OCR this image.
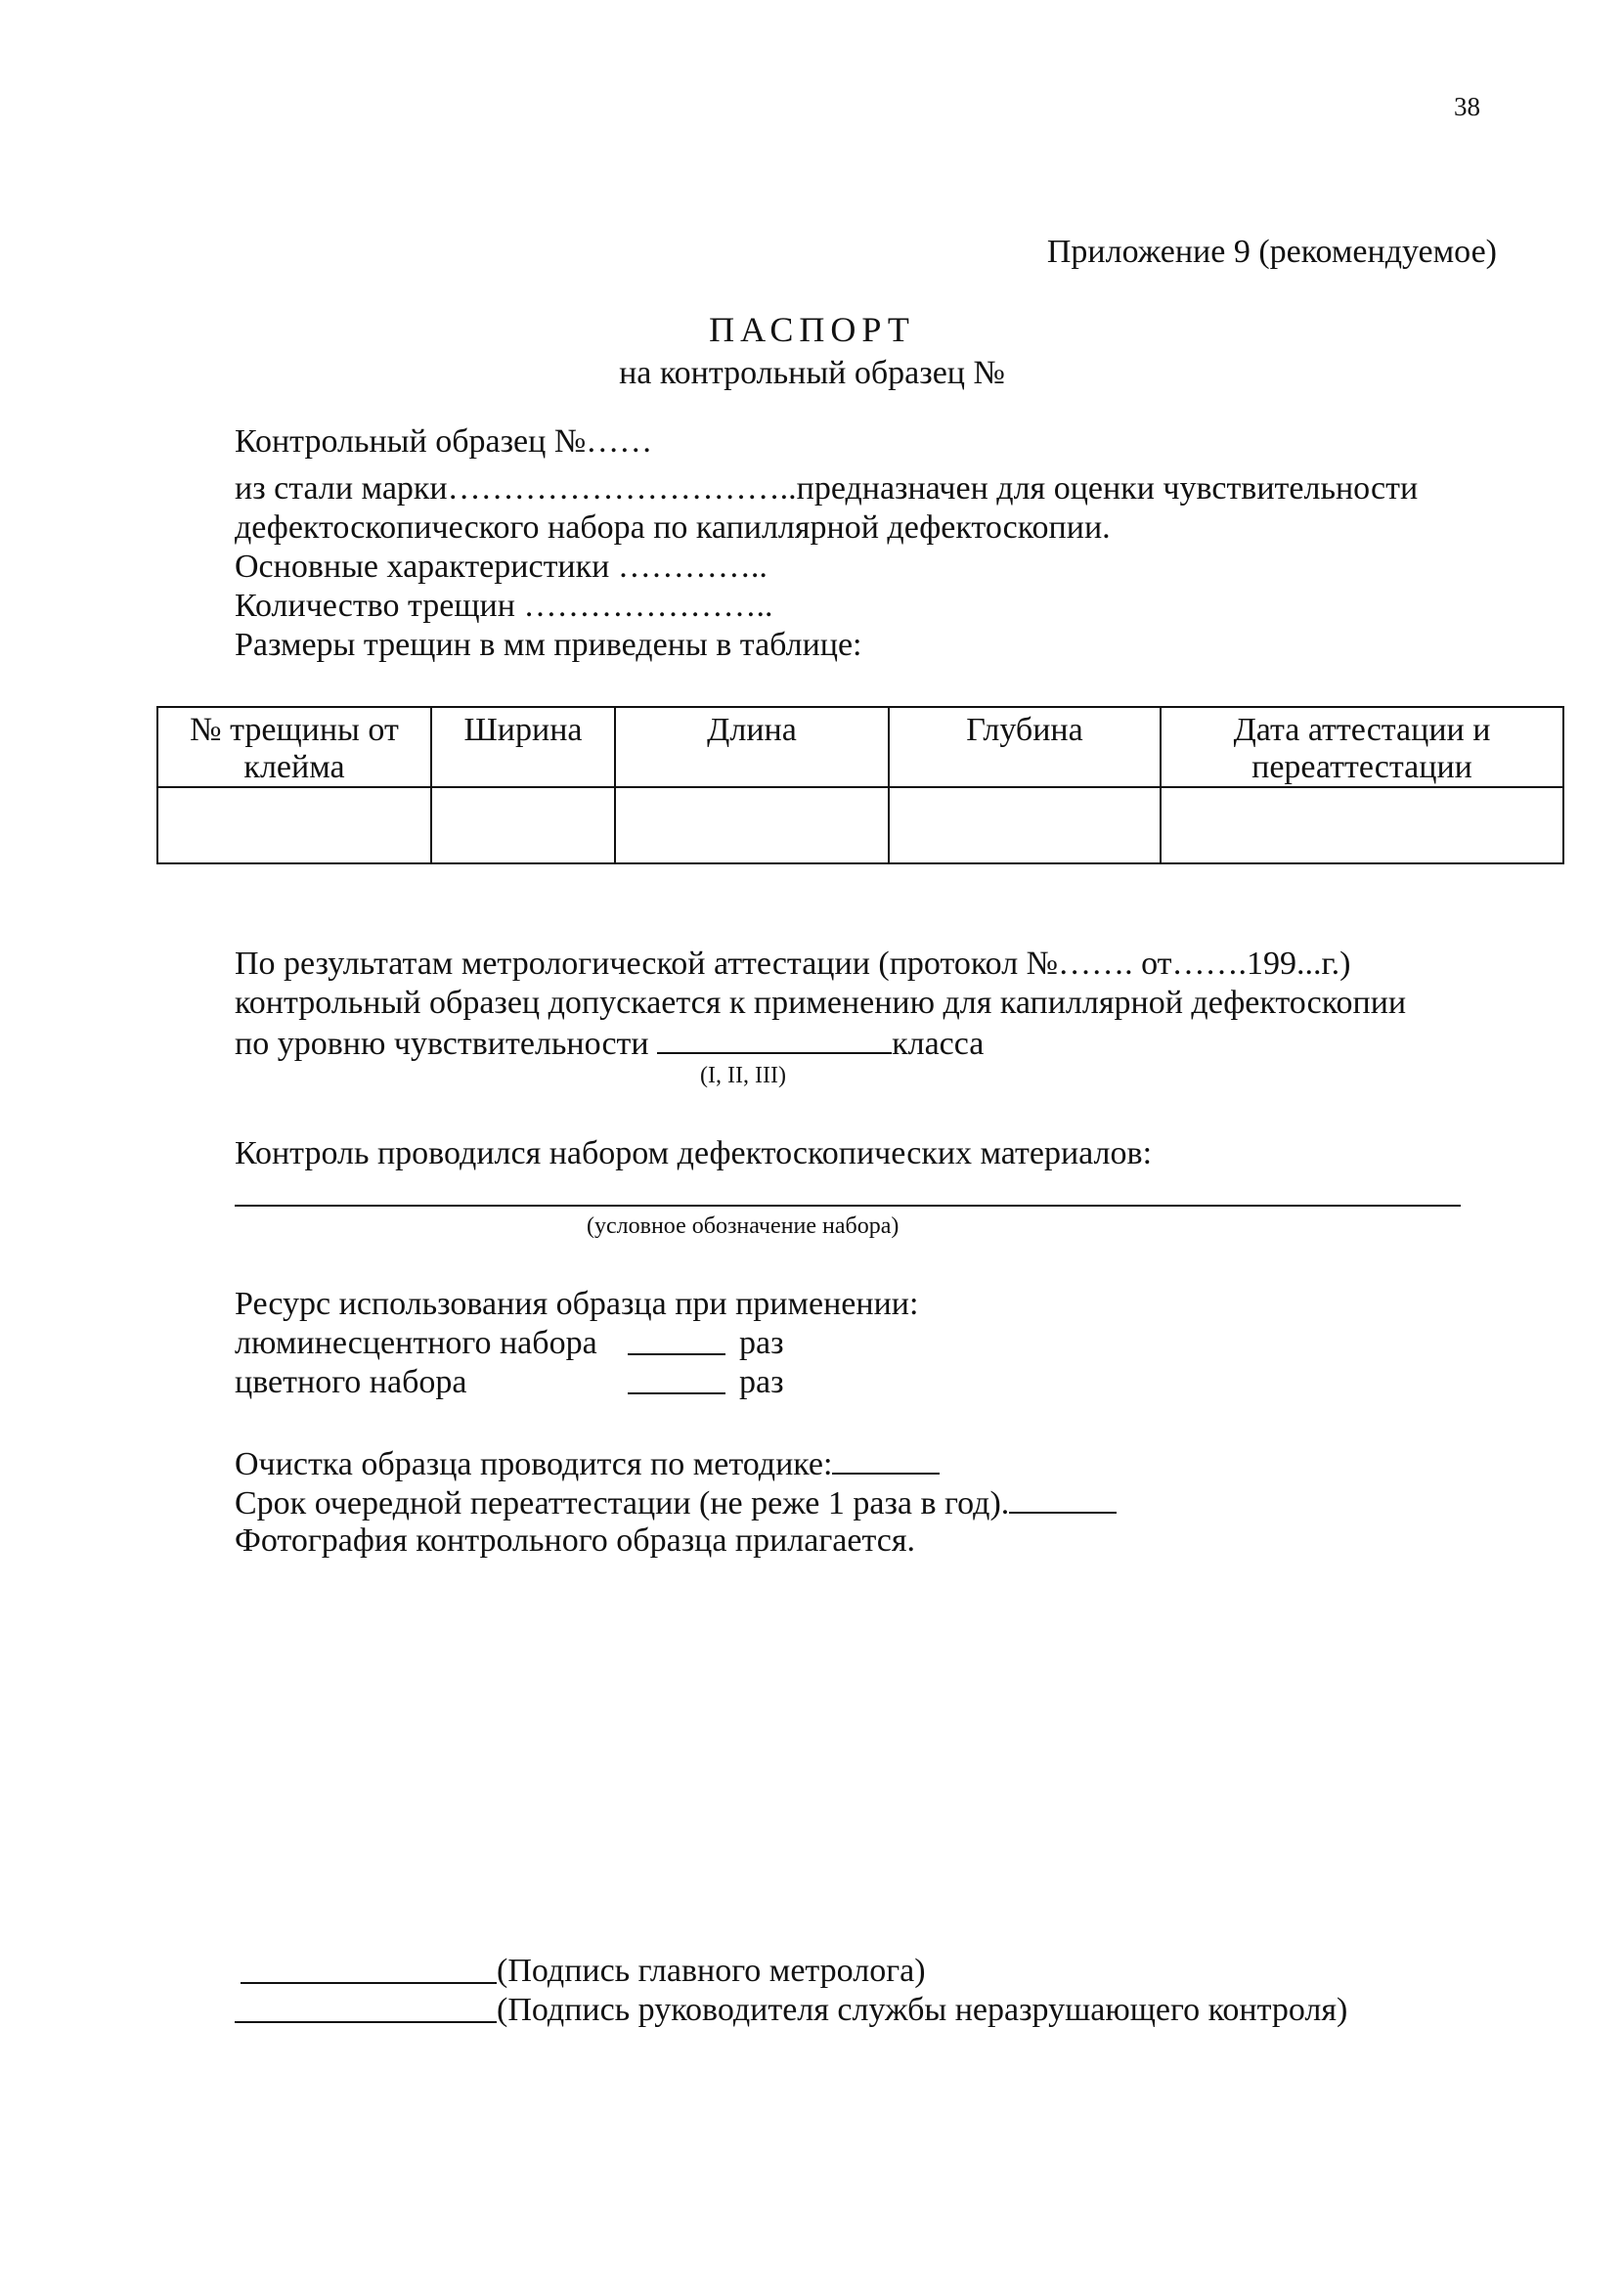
38
Приложение 9 (рекомендуемое)
ПАСПОРТ
на контрольный образец №
Контрольный образец №……
из стали марки…………………………..предназначен для оценки чувствительности
дефектоскопического набора по капиллярной дефектоскопии.
Основные характеристики …………..
Количество трещин …………………..
Размеры трещин в мм приведены в таблице:
№ трещины от клейма	Ширина	Длина	Глубина	Дата аттестации и переаттестации

По результатам метрологической аттестации (протокол №……. от…….199...г.)
контрольный образец допускается к применению для капиллярной дефектоскопии
по уровню чувствительности	класса
(I, II, III)
Контроль проводился набором дефектоскопических материалов:
(условное обозначение набора)
Ресурс использования образца при применении:
люминесцентного набора	раз
цветного набора	раз
Очистка образца проводится по методике:
Срок очередной переаттестации (не реже 1 раза в год).
Фотография контрольного образца прилагается.
(Подпись главного метролога)
(Подпись руководителя службы неразрушающего контроля)
